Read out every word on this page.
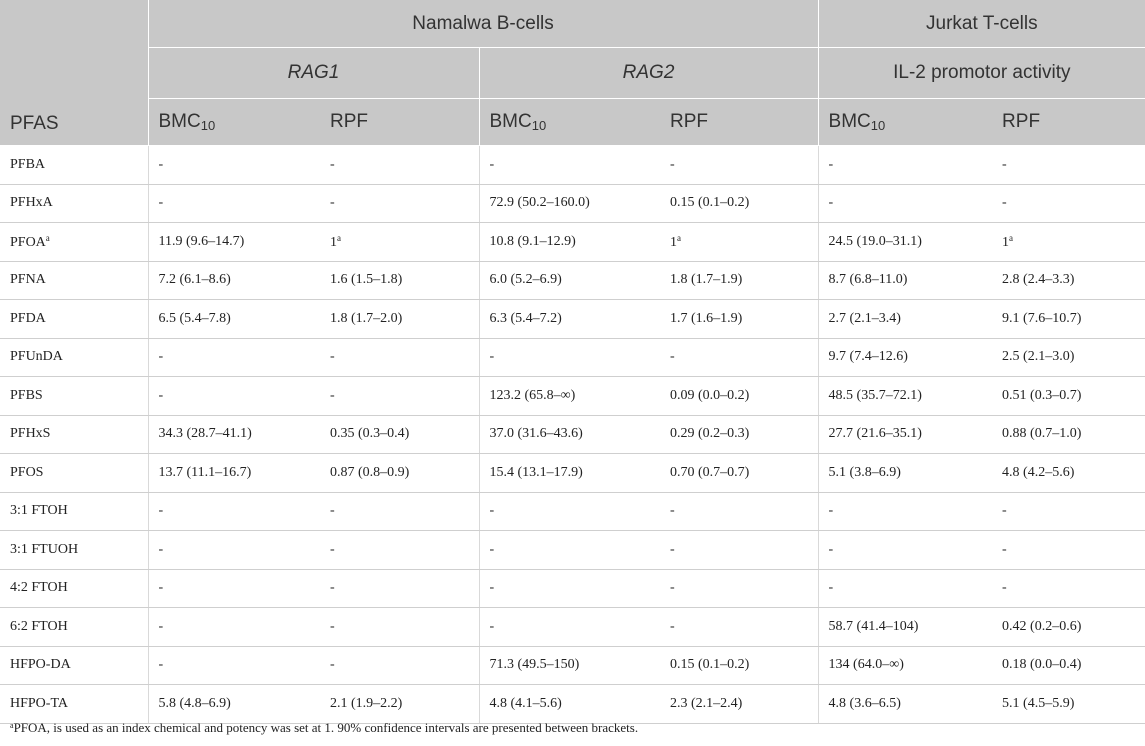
PFAS	Namalwa B-cells				Jurkat T-cells	
	RAG1		RAG2		IL-2 promotor activity	
	$BMC_{10}$	RPF	$BMC_{10}$	RPF	$BMC_{10}$	RPF
PFBA	-	-	-	-	-	-
PFHxA	-	-	72.9 (50.2–160.0)	0.15 (0.1–0.2)	-	-
PFOA$^a$	11.9 (9.6–14.7)	1$^a$	10.8 (9.1–12.9)	1$^a$	24.5 (19.0–31.1)	1$^a$
PFNA	7.2 (6.1–8.6)	1.6 (1.5–1.8)	6.0 (5.2–6.9)	1.8 (1.7–1.9)	8.7 (6.8–11.0)	2.8 (2.4–3.3)
PFDA	6.5 (5.4–7.8)	1.8 (1.7–2.0)	6.3 (5.4–7.2)	1.7 (1.6–1.9)	2.7 (2.1–3.4)	9.1 (7.6–10.7)
PFUnDA	-	-	-	-	9.7 (7.4–12.6)	2.5 (2.1–3.0)
PFBS	-	-	123.2 (65.8–∞)	0.09 (0.0–0.2)	48.5 (35.7–72.1)	0.51 (0.3–0.7)
PFHxS	34.3 (28.7–41.1)	0.35 (0.3–0.4)	37.0 (31.6–43.6)	0.29 (0.2–0.3)	27.7 (21.6–35.1)	0.88 (0.7–1.0)
PFOS	13.7 (11.1–16.7)	0.87 (0.8–0.9)	15.4 (13.1–17.9)	0.70 (0.7–0.7)	5.1 (3.8–6.9)	4.8 (4.2–5.6)
3:1 FTOH	-	-	-	-	-	-
3:1 FTUOH	-	-	-	-	-	-
4:2 FTOH	-	-	-	-	-	-
6:2 FTOH	-	-	-	-	58.7 (41.4–104)	0.42 (0.2–0.6)
HFPO-DA	-	-	71.3 (49.5–150)	0.15 (0.1–0.2)	134 (64.0–∞)	0.18 (0.0–0.4)
HFPO-TA	5.8 (4.8–6.9)	2.1 (1.9–2.2)	4.8 (4.1–5.6)	2.3 (2.1–2.4)	4.8 (3.6–6.5)	5.1 (4.5–5.9)
$^a$PFOA, is used as an index chemical and potency was set at 1. 90% confidence intervals are presented between brackets.
